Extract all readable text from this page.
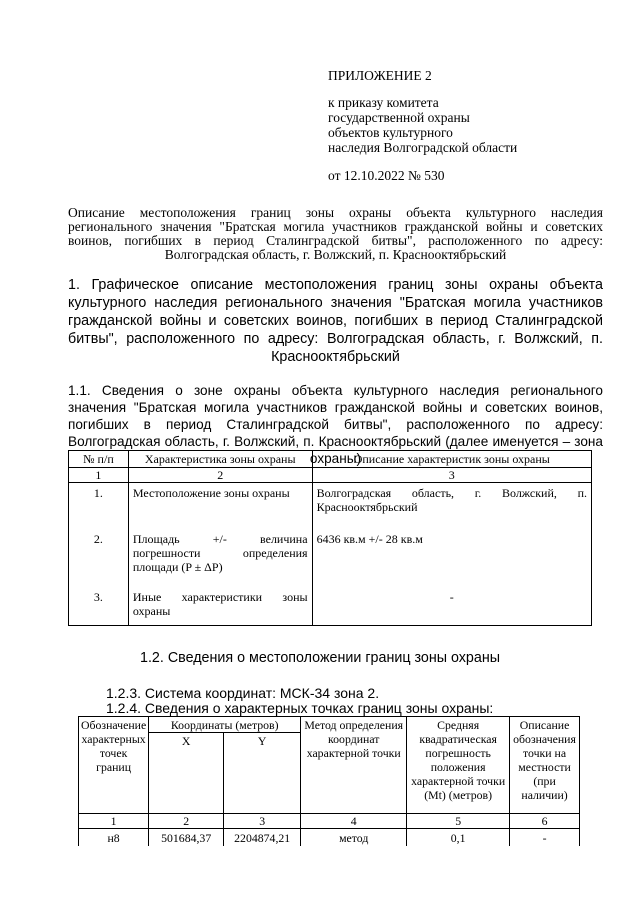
ПРИЛОЖЕНИЕ 2
к приказу комитета
государственной охраны
объектов культурного
наследия Волгоградской области
от 12.10.2022 № 530
Описание местоположения границ зоны охраны объекта культурного наследия регионального значения "Братская могила участников гражданской войны и советских воинов, погибших в период Сталинградской битвы", расположенного по адресу: Волгоградская область, г. Волжский, п. Краснооктябрьский
1. Графическое описание местоположения границ зоны охраны объекта культурного наследия регионального значения "Братская могила участников гражданской войны и советских воинов, погибших в период Сталинградской битвы", расположенного по адресу: Волгоградская область, г. Волжский, п. Краснооктябрьский
1.1. Сведения о зоне охраны объекта культурного наследия регионального значения "Братская могила участников гражданской войны и советских воинов, погибших в период Сталинградской битвы", расположенного по адресу: Волгоградская область, г. Волжский, п. Краснооктябрьский (далее именуется – зона охраны)
№ п/п	Характеристика зоны охраны	Описание характеристик зоны охраны
1	2	3
1.	Местоположение зоны охраны	Волгоградская область, г. Волжский, п. Краснооктябрьский
2.	Площадь +/- величина погрешности определения площади (P ± ΔP)	6436 кв.м +/- 28 кв.м
3.	Иные характеристики зоны охраны	-
1.2. Сведения о местоположении границ зоны охраны
1.2.3. Система координат: МСК-34 зона 2.
1.2.4. Сведения о характерных точках границ зоны охраны:
Обозначение характерных точек границ	Координаты (метров)		Метод определения координат характерной точки	Средняя квадратическая погрешность положения характерной точки (Mt) (метров)	Описание обозначения точки на местности (при наличии)
	X	Y			
1	2	3	4	5	6
н8	501684,37	2204874,21	метод	0,1	-
